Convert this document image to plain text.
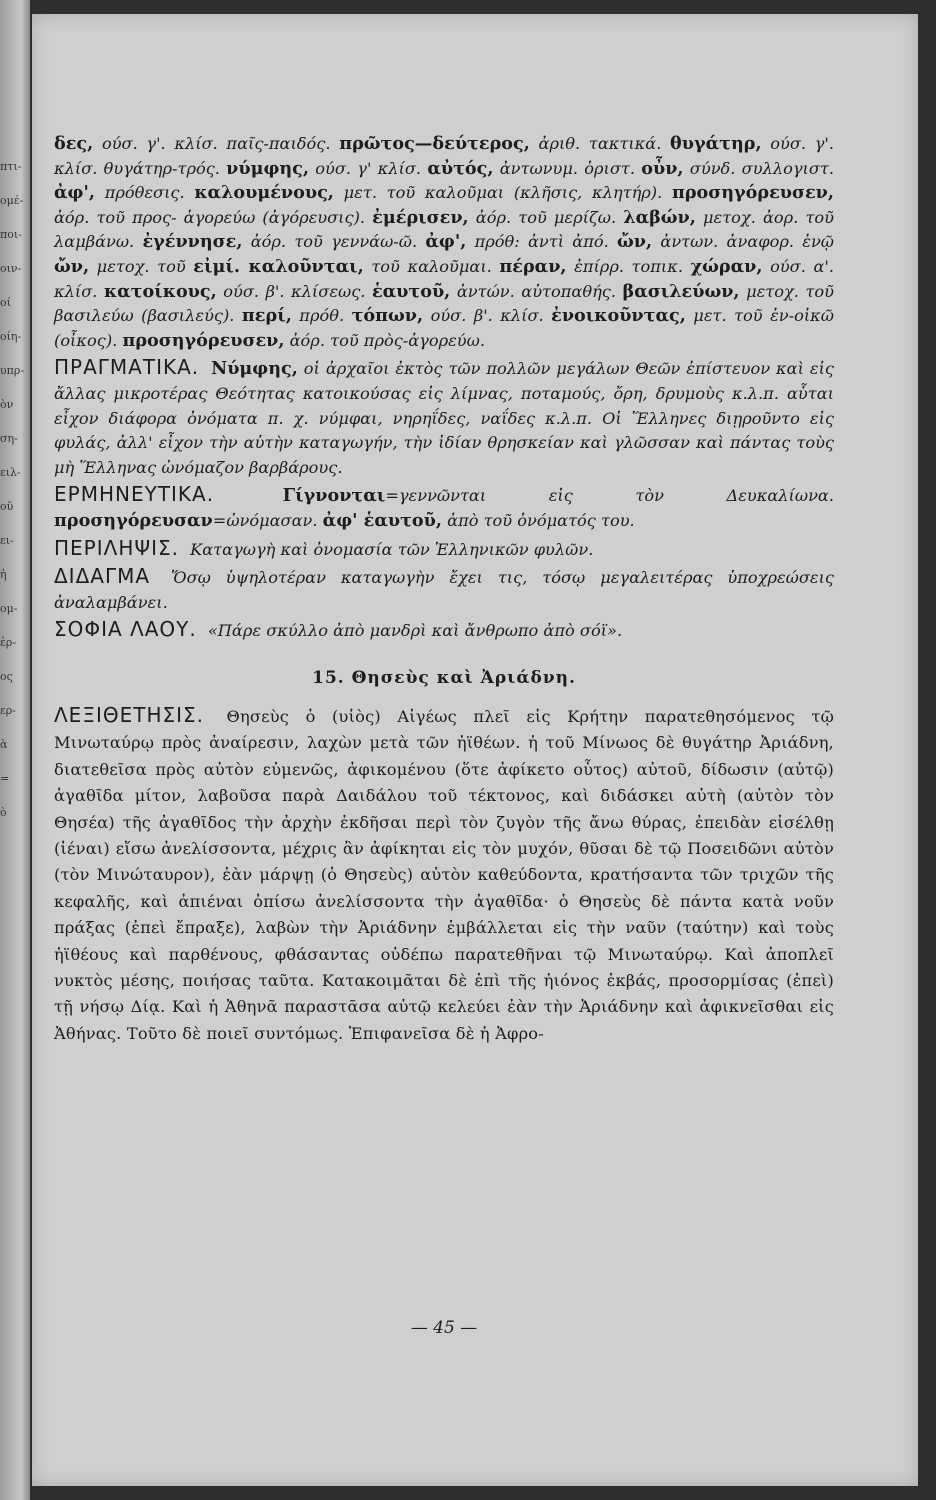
πτι-
ομέ-
ποι-
οιν-
οί
οίη-
υπρ-
ὸν
ση-
ειλ-
οῦ
ει-
ἡ
ομ-
ἐρ-
ος
ερ-
ὰ
=
ὸ

δες, ούσ. γ'. κλίσ. παῖς-παιδός. πρῶτος—δεύτερος, ἀριθ. τακτικά. θυγάτηρ, ούσ. γ'. κλίσ. θυγάτηρ-τρός. νύμφης, ούσ. γ' κλίσ. αὐτός, ἀντωνυμ. ὁριστ. οὖν, σύνδ. συλλογιστ. ἀφ', πρόθεσις. καλουμένους, μετ. τοῦ καλοῦμαι (κλῆσις, κλητήρ). προσηγόρευσεν, ἀόρ. τοῦ προς- ἀγορεύω (ἀγόρευσις). ἐμέρισεν, ἀόρ. τοῦ μερίζω. λαβών, μετοχ. ἀορ. τοῦ λαμβάνω. ἐγέννησε, ἀόρ. τοῦ γεννάω-ῶ. ἀφ', πρόθ: ἀντὶ ἀπό. ὤν, ἀντων. ἀναφορ. ἐνῷ ὤν, μετοχ. τοῦ εἰμί. καλοῦνται, τοῦ καλοῦμαι. πέραν, ἐπίρρ. τοπικ. χώραν, ούσ. α'. κλίσ. κατοίκους, ούσ. β'. κλίσεως. ἑαυτοῦ, ἀντών. αὐτοπαθής. βασιλεύων, μετοχ. τοῦ βασιλεύω (βασιλεύς). περί, πρόθ. τόπων, ούσ. β'. κλίσ. ἐνοικοῦντας, μετ. τοῦ ἐν-οἰκῶ (οἶκος). προσηγόρευσεν, ἀόρ. τοῦ πρὸς-ἀγορεύω.

ΠΡΑΓΜΑΤΙΚΑ. Νύμφης, οἱ ἀρχαῖοι ἐκτὸς τῶν πολλῶν μεγάλων Θεῶν ἐπίστευον καὶ εἰς ἄλλας μικροτέρας Θεότητας κατοικούσας εἰς λίμνας, ποταμούς, ὄρη, δρυμοὺς κ.λ.π. αὗται εἶχον διάφορα ὀνόματα π. χ. νύμφαι, νηρηΐδες, ναΐδες κ.λ.π. Οἱ Ἕλληνες διῃροῦντο εἰς φυλάς, ἀλλ' εἶχον τὴν αὐτὴν καταγωγήν, τὴν ἰδίαν θρησκείαν καὶ γλῶσσαν καὶ πάντας τοὺς μὴ Ἕλληνας ὠνόμαζον βαρβάρους.

ΕΡΜΗΝΕΥΤΙΚΑ.	Γίγνονται=γεννῶνται εἰς τὸν Δευκαλίωνα. προσηγόρευσαν=ὠνόμασαν. ἀφ' ἑαυτοῦ, ἀπὸ τοῦ ὀνόματός του.

ΠΕΡΙΛΗΨΙΣ. Καταγωγὴ καὶ ὀνομασία τῶν Ἑλληνικῶν φυλῶν.

ΔΙΔΑΓΜΑ Ὅσῳ ὑψηλοτέραν καταγωγὴν ἔχει τις, τόσῳ μεγαλειτέρας ὑποχρεώσεις ἀναλαμβάνει.

ΣΟΦΙΑ ΛΑΟΥ. «Πάρε σκύλλο ἀπὸ μανδρὶ καὶ ἄνθρωπο ἀπὸ σόϊ».

15. Θησεὺς καὶ Ἀριάδνη.

ΛΕΞΙΘΕΤΗΣΙΣ. Θησεὺς ὁ (υἱὸς) Αἰγέως πλεῖ εἰς Κρήτην παρατεθησόμενος τῷ Μινωταύρῳ πρὸς ἀναίρεσιν, λαχὼν μετὰ τῶν ἠϊθέων. ἡ τοῦ Μίνωος δὲ θυγάτηρ Ἀριάδνη, διατεθεῖσα πρὸς αὐτὸν εὐμενῶς, ἀφικομένου (ὅτε ἀφίκετο οὗτος) αὐτοῦ, δίδωσιν (αὐτῷ) ἀγαθῖδα μίτον, λαβοῦσα παρὰ Δαιδάλου τοῦ τέκτονος, καὶ διδάσκει αὐτὴ (αὐτὸν τὸν Θησέα) τῆς ἀγαθῖδος τὴν ἀρχὴν ἐκδῆσαι περὶ τὸν ζυγὸν τῆς ἄνω θύρας, ἐπειδὰν εἰσέλθῃ (ἰέναι) εἴσω ἀνελίσσοντα, μέχρις ἂν ἀφίκηται εἰς τὸν μυχόν, θῦσαι δὲ τῷ Ποσειδῶνι αὐτὸν (τὸν Μινώταυρον), ἐὰν μάρψῃ (ὁ Θησεὺς) αὐτὸν καθεύδοντα, κρατήσαντα τῶν τριχῶν τῆς κεφαλῆς, καὶ ἀπιέναι ὀπίσω ἀνελίσσοντα τὴν ἀγαθῖδα· ὁ Θησεὺς δὲ πάντα κατὰ νοῦν πράξας (ἐπεὶ ἔπραξε), λαβὼν τὴν Ἀριάδνην ἐμβάλλεται εἰς τὴν ναῦν (ταύτην) καὶ τοὺς ἠϊθέους καὶ παρθένους, φθάσαντας οὐδέπω παρατεθῆναι τῷ Μινωταύρῳ. Καὶ ἀποπλεῖ νυκτὸς μέσης, ποιήσας ταῦτα. Κατακοιμᾶται δὲ ἐπὶ τῆς ἠιόνος ἐκβάς, προσορμίσας (ἐπεὶ) τῇ νήσῳ Δίᾳ. Καὶ ἡ Ἀθηνᾶ παραστᾶσα αὐτῷ κελεύει ἐὰν τὴν Ἀριάδνην καὶ ἀφικνεῖσθαι εἰς Ἀθήνας. Τοῦτο δὲ ποιεῖ συντόμως. Ἐπιφανεῖσα δὲ ἡ Ἀφρο-

— 45 —
